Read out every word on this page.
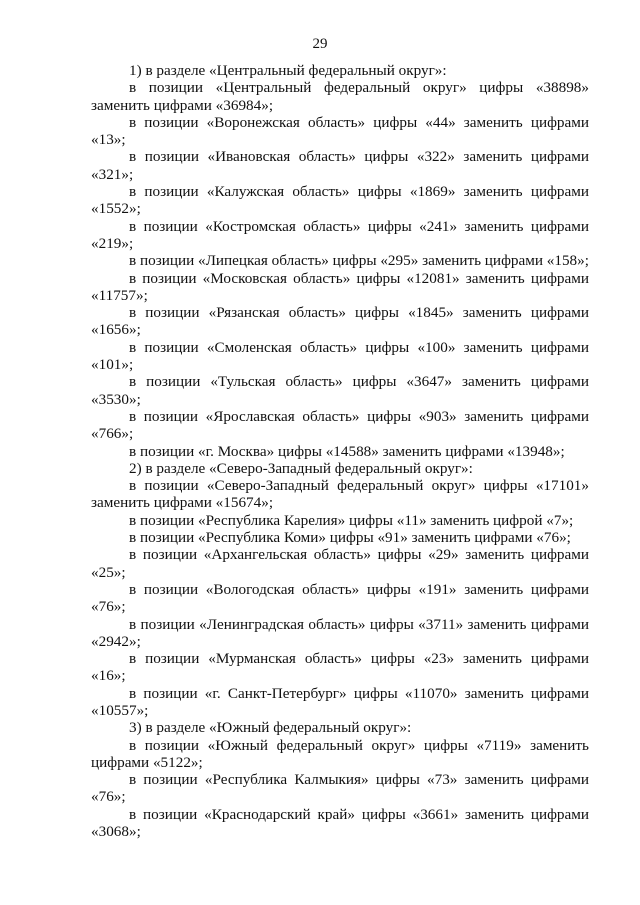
29

1) в разделе «Центральный федеральный округ»:

в позиции «Центральный федеральный округ» цифры «38898» заменить цифрами «36984»;

в позиции «Воронежская область» цифры «44» заменить цифрами «13»;

в позиции «Ивановская область» цифры «322» заменить цифрами «321»;

в позиции «Калужская область» цифры «1869» заменить цифрами «1552»;

в позиции «Костромская область» цифры «241» заменить цифрами «219»;

в позиции «Липецкая область» цифры «295» заменить цифрами «158»;

в позиции «Московская область» цифры «12081» заменить цифрами «11757»;

в позиции «Рязанская область» цифры «1845» заменить цифрами «1656»;

в позиции «Смоленская область» цифры «100» заменить цифрами «101»;

в позиции «Тульская область» цифры «3647» заменить цифрами «3530»;

в позиции «Ярославская область» цифры «903» заменить цифрами «766»;

в позиции «г. Москва» цифры «14588» заменить цифрами «13948»;

2) в разделе «Северо-Западный федеральный округ»:

в позиции «Северо-Западный федеральный округ» цифры «17101» заменить цифрами «15674»;

в позиции «Республика Карелия» цифры «11» заменить цифрой «7»;

в позиции «Республика Коми» цифры «91» заменить цифрами «76»;

в позиции «Архангельская область» цифры «29» заменить цифрами «25»;

в позиции «Вологодская область» цифры «191» заменить цифрами «76»;

в позиции «Ленинградская область» цифры «3711» заменить цифрами «2942»;

в позиции «Мурманская область» цифры «23» заменить цифрами «16»;

в позиции «г. Санкт-Петербург» цифры «11070» заменить цифрами «10557»;

3) в разделе «Южный федеральный округ»:

в позиции «Южный федеральный округ» цифры «7119» заменить цифрами «5122»;

в позиции «Республика Калмыкия» цифры «73» заменить цифрами «76»;

в позиции «Краснодарский край» цифры «3661» заменить цифрами «3068»;
